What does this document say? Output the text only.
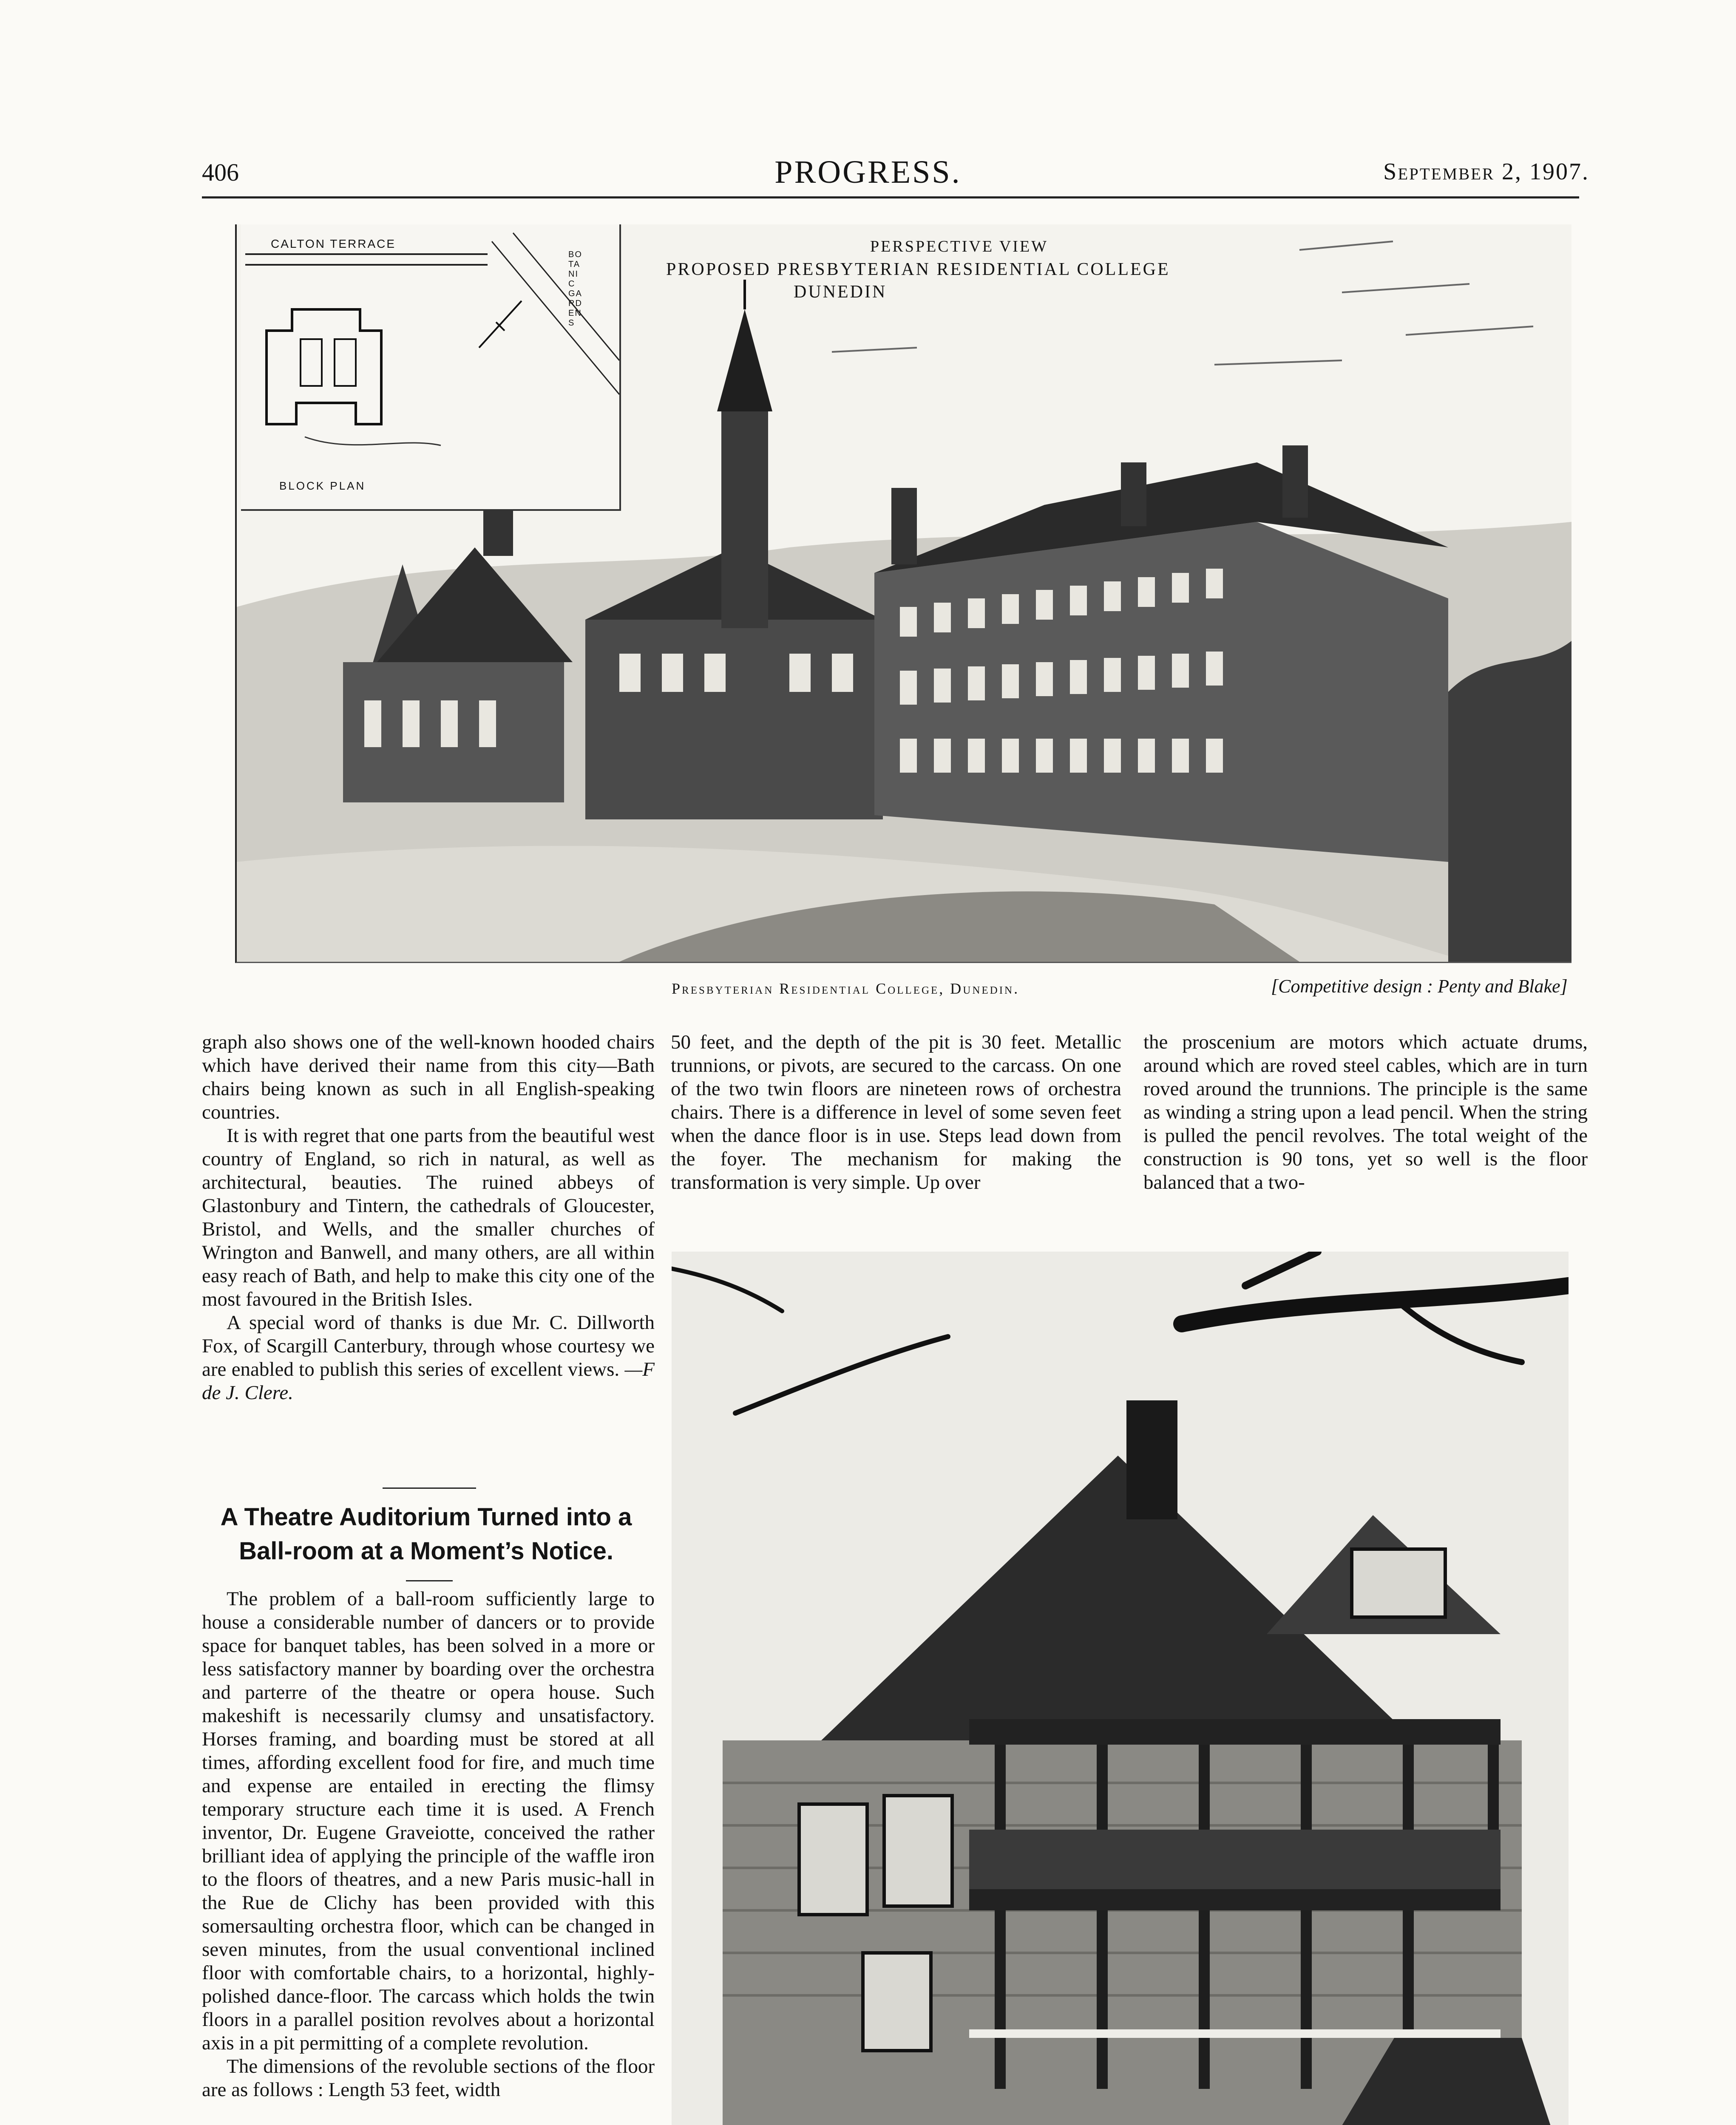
406	PROGRESS.	September 2, 1907.
PERSPECTIVE VIEW
PROPOSED PRESBYTERIAN RESIDENTIAL COLLEGE
DUNEDIN
CALTON TERRACE
BOTANIC GARDENS
BLOCK PLAN
Presbyterian Residential College, Dunedin.	[Competitive design : Penty and Blake]

graph also shows one of the well-known hooded chairs which have derived their name from this city—Bath chairs being known as such in all English-speaking countries.

It is with regret that one parts from the beautiful west country of England, so rich in natural, as well as architectural, beauties. The ruined abbeys of Glastonbury and Tintern, the cathedrals of Gloucester, Bristol, and Wells, and the smaller churches of Wrington and Banwell, and many others, are all within easy reach of Bath, and help to make this city one of the most favoured in the British Isles.

A special word of thanks is due Mr. C. Dillworth Fox, of Scargill Canterbury, through whose courtesy we are enabled to publish this series of excellent views. —F de J. Clere.

A Theatre Auditorium Turned into a Ball-room at a Moment’s Notice.

The problem of a ball-room sufficiently large to house a considerable number of dancers or to provide space for banquet tables, has been solved in a more or less satisfactory manner by boarding over the orchestra and parterre of the theatre or opera house. Such makeshift is necessarily clumsy and unsatisfactory. Horses framing, and boarding must be stored at all times, affording excellent food for fire, and much time and expense are entailed in erecting the flimsy temporary structure each time it is used. A French inventor, Dr. Eugene Graveiotte, conceived the rather brilliant idea of applying the principle of the waffle iron to the floors of theatres, and a new Paris music-hall in the Rue de Clichy has been provided with this somersaulting orchestra floor, which can be changed in seven minutes, from the usual conventional inclined floor with comfortable chairs, to a horizontal, highly-polished dance-floor. The carcass which holds the twin floors in a parallel position revolves about a horizontal axis in a pit permitting of a complete revolution.

The dimensions of the revoluble sections of the floor are as follows : Length 53 feet, width

50 feet, and the depth of the pit is 30 feet. Metallic trunnions, or pivots, are secured to the carcass. On one of the two twin floors are nineteen rows of orchestra chairs. There is a difference in level of some seven feet when the dance floor is in use. Steps lead down from the foyer. The mechanism for making the transformation is very simple. Up over

the proscenium are motors which actuate drums, around which are roved steel cables, which are in turn roved around the trunnions. The principle is the same as winding a string upon a lead pencil. When the string is pulled the pencil revolves. The total weight of the construction is 90 tons, yet so well is the floor balanced that a two-
